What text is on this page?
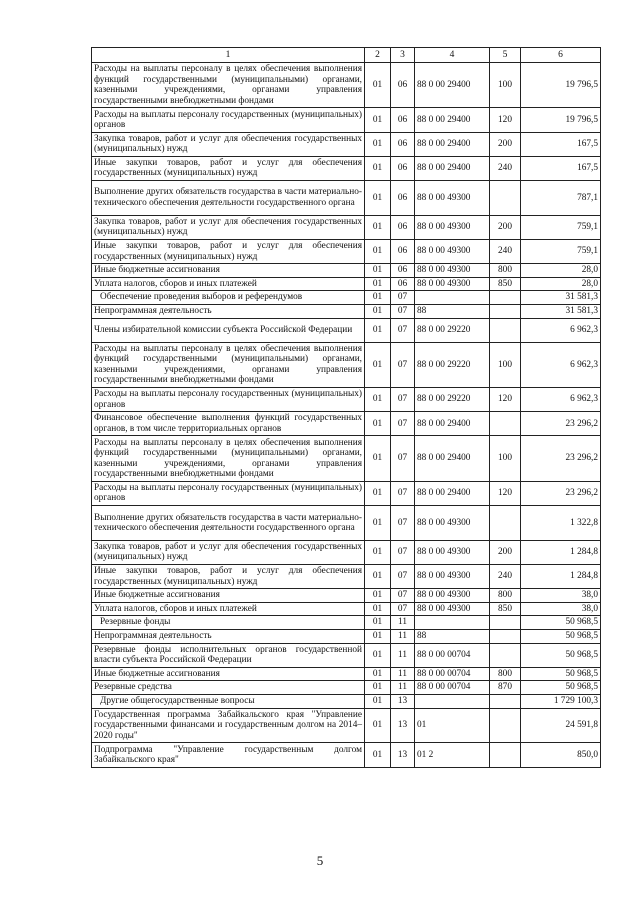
1	2	3	4	5	6
Расходы на выплаты персоналу в целях обеспечения выполнения функций государственными (муниципальными) органами, казенными учреждениями, органами управления государственными внебюджетными фондами	01	06	88 0 00 29400	100	19 796,5
Расходы на выплаты персоналу государственных (муниципальных) органов	01	06	88 0 00 29400	120	19 796,5
Закупка товаров, работ и услуг для обеспечения государственных (муниципальных) нужд	01	06	88 0 00 29400	200	167,5
Иные закупки товаров, работ и услуг для обеспечения государственных (муниципальных) нужд	01	06	88 0 00 29400	240	167,5
Выполнение других обязательств государства в части материально-технического обеспечения деятельности государственного органа	01	06	88 0 00 49300		787,1
Закупка товаров, работ и услуг для обеспечения государственных (муниципальных) нужд	01	06	88 0 00 49300	200	759,1
Иные закупки товаров, работ и услуг для обеспечения государственных (муниципальных) нужд	01	06	88 0 00 49300	240	759,1
Иные бюджетные ассигнования	01	06	88 0 00 49300	800	28,0
Уплата налогов, сборов и иных платежей	01	06	88 0 00 49300	850	28,0
Обеспечение проведения выборов и референдумов	01	07			31 581,3
Непрограммная деятельность	01	07	88		31 581,3
Члены избирательной комиссии субъекта Российской Федерации	01	07	88 0 00 29220		6 962,3
Расходы на выплаты персоналу в целях обеспечения выполнения функций государственными (муниципальными) органами, казенными учреждениями, органами управления государственными внебюджетными фондами	01	07	88 0 00 29220	100	6 962,3
Расходы на выплаты персоналу государственных (муниципальных) органов	01	07	88 0 00 29220	120	6 962,3
Финансовое обеспечение выполнения функций государственных органов, в том числе территориальных органов	01	07	88 0 00 29400		23 296,2
Расходы на выплаты персоналу в целях обеспечения выполнения функций государственными (муниципальными) органами, казенными учреждениями, органами управления государственными внебюджетными фондами	01	07	88 0 00 29400	100	23 296,2
Расходы на выплаты персоналу государственных (муниципальных) органов	01	07	88 0 00 29400	120	23 296,2
Выполнение других обязательств государства в части материально-технического обеспечения деятельности государственного органа	01	07	88 0 00 49300		1 322,8
Закупка товаров, работ и услуг для обеспечения государственных (муниципальных) нужд	01	07	88 0 00 49300	200	1 284,8
Иные закупки товаров, работ и услуг для обеспечения государственных (муниципальных) нужд	01	07	88 0 00 49300	240	1 284,8
Иные бюджетные ассигнования	01	07	88 0 00 49300	800	38,0
Уплата налогов, сборов и иных платежей	01	07	88 0 00 49300	850	38,0
Резервные фонды	01	11			50 968,5
Непрограммная деятельность	01	11	88		50 968,5
Резервные фонды исполнительных органов государственной власти субъекта Российской Федерации	01	11	88 0 00 00704		50 968,5
Иные бюджетные ассигнования	01	11	88 0 00 00704	800	50 968,5
Резервные средства	01	11	88 0 00 00704	870	50 968,5
Другие общегосударственные вопросы	01	13			1 729 100,3
Государственная программа Забайкальского края "Управление государственными финансами и государственным долгом на 2014–2020 годы"	01	13	01		24 591,8
Подпрограмма "Управление государственным долгом Забайкальского края"	01	13	01 2		850,0
5
